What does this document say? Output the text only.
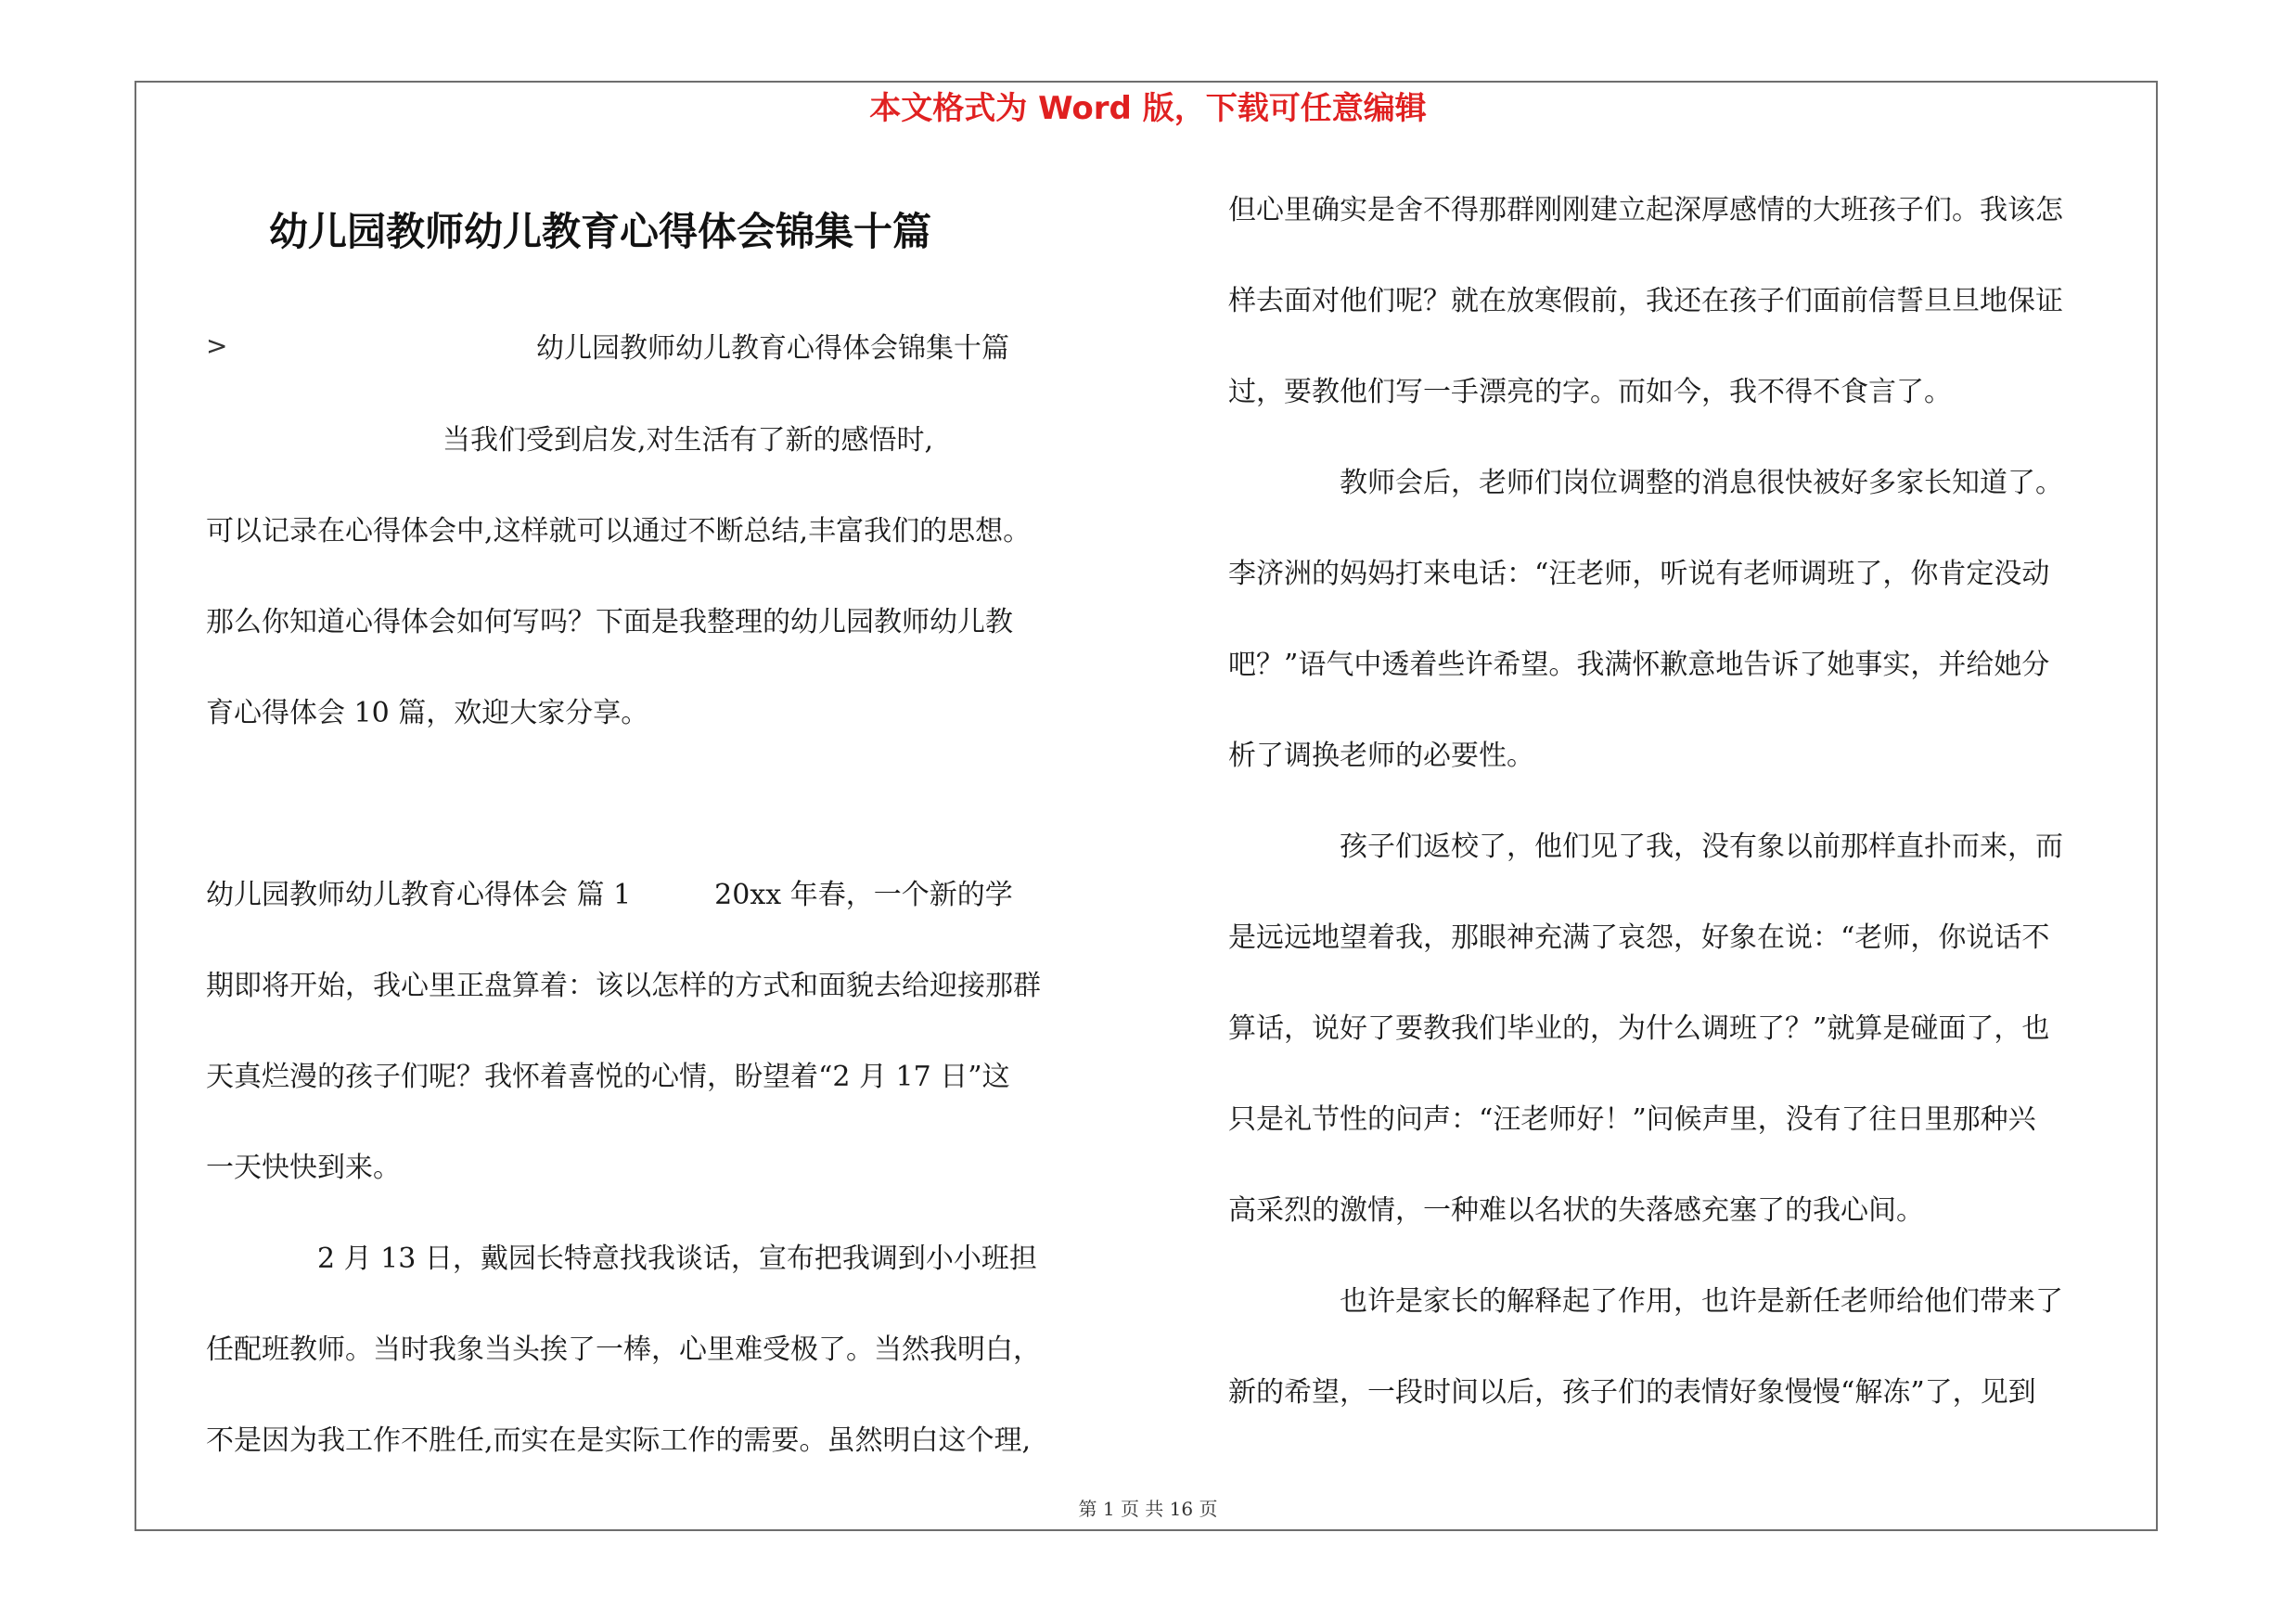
本文格式为 Word 版，下载可任意编辑
幼儿园教师幼儿教育心得体会锦集十篇
>	幼儿园教师幼儿教育心得体会锦集十篇

当我们受到启发,对生活有了新的感悟时,

可以记录在心得体会中,这样就可以通过不断总结,丰富我们的思想。

那么你知道心得体会如何写吗？下面是我整理的幼儿园教师幼儿教

育心得体会 10 篇，欢迎大家分享。

幼儿园教师幼儿教育心得体会 篇 1　　　20xx 年春，一个新的学

期即将开始，我心里正盘算着：该以怎样的方式和面貌去给迎接那群

天真烂漫的孩子们呢？我怀着喜悦的心情，盼望着“2 月 17 日”这

一天快快到来。

2 月 13 日，戴园长特意找我谈话，宣布把我调到小小班担

任配班教师。当时我象当头挨了一棒，心里难受极了。当然我明白，

不是因为我工作不胜任,而实在是实际工作的需要。虽然明白这个理,

但心里确实是舍不得那群刚刚建立起深厚感情的大班孩子们。我该怎

样去面对他们呢？就在放寒假前，我还在孩子们面前信誓旦旦地保证

过，要教他们写一手漂亮的字。而如今，我不得不食言了。

教师会后，老师们岗位调整的消息很快被好多家长知道了。

李济洲的妈妈打来电话：“汪老师，听说有老师调班了，你肯定没动

吧？”语气中透着些许希望。我满怀歉意地告诉了她事实，并给她分

析了调换老师的必要性。

孩子们返校了，他们见了我，没有象以前那样直扑而来，而

是远远地望着我，那眼神充满了哀怨，好象在说：“老师，你说话不

算话，说好了要教我们毕业的，为什么调班了？”就算是碰面了，也

只是礼节性的问声：“汪老师好！”问候声里，没有了往日里那种兴

高采烈的激情，一种难以名状的失落感充塞了的我心间。

也许是家长的解释起了作用，也许是新任老师给他们带来了

新的希望，一段时间以后，孩子们的表情好象慢慢“解冻”了，见到

第 1 页 共 16 页
